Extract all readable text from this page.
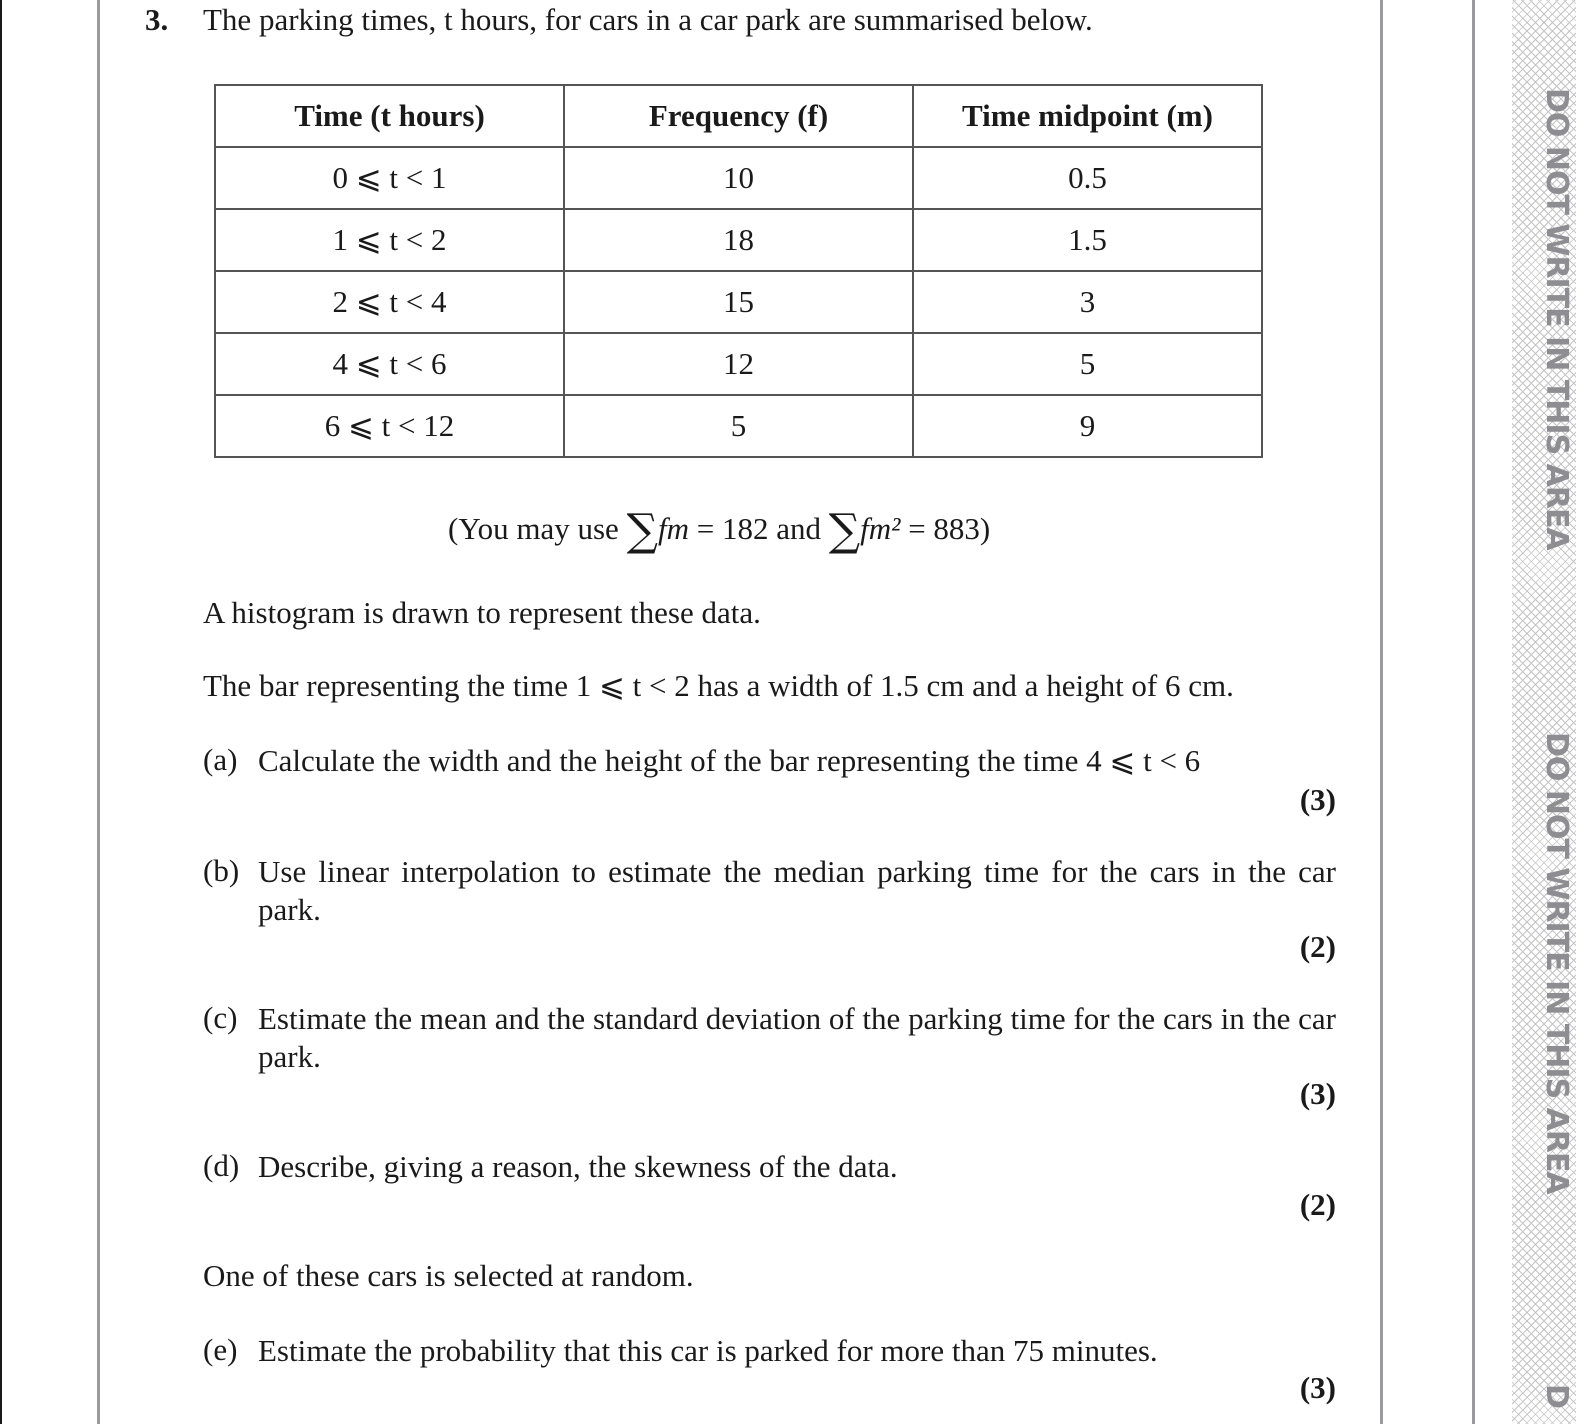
DO NOT WRITE IN THIS AREA
DO NOT WRITE IN THIS AREA
D
3. The parking times, t hours, for cars in a car park are summarised below.
Time (t hours)	Frequency (f)	Time midpoint (m)
0 ⩽ t < 1	10	0.5
1 ⩽ t < 2	18	1.5
2 ⩽ t < 4	15	3
4 ⩽ t < 6	12	5
6 ⩽ t < 12	5	9
(You may use ∑fm = 182 and ∑fm² = 883)
A histogram is drawn to represent these data.
The bar representing the time 1 ⩽ t < 2 has a width of 1.5 cm and a height of 6 cm.
(a) Calculate the width and the height of the bar representing the time 4 ⩽ t < 6
(3)
(b) Use linear interpolation to estimate the median parking time for the cars in the car park.
(2)
(c) Estimate the mean and the standard deviation of the parking time for the cars in the car park.
(3)
(d) Describe, giving a reason, the skewness of the data.
(2)
One of these cars is selected at random.
(e) Estimate the probability that this car is parked for more than 75 minutes.
(3)
